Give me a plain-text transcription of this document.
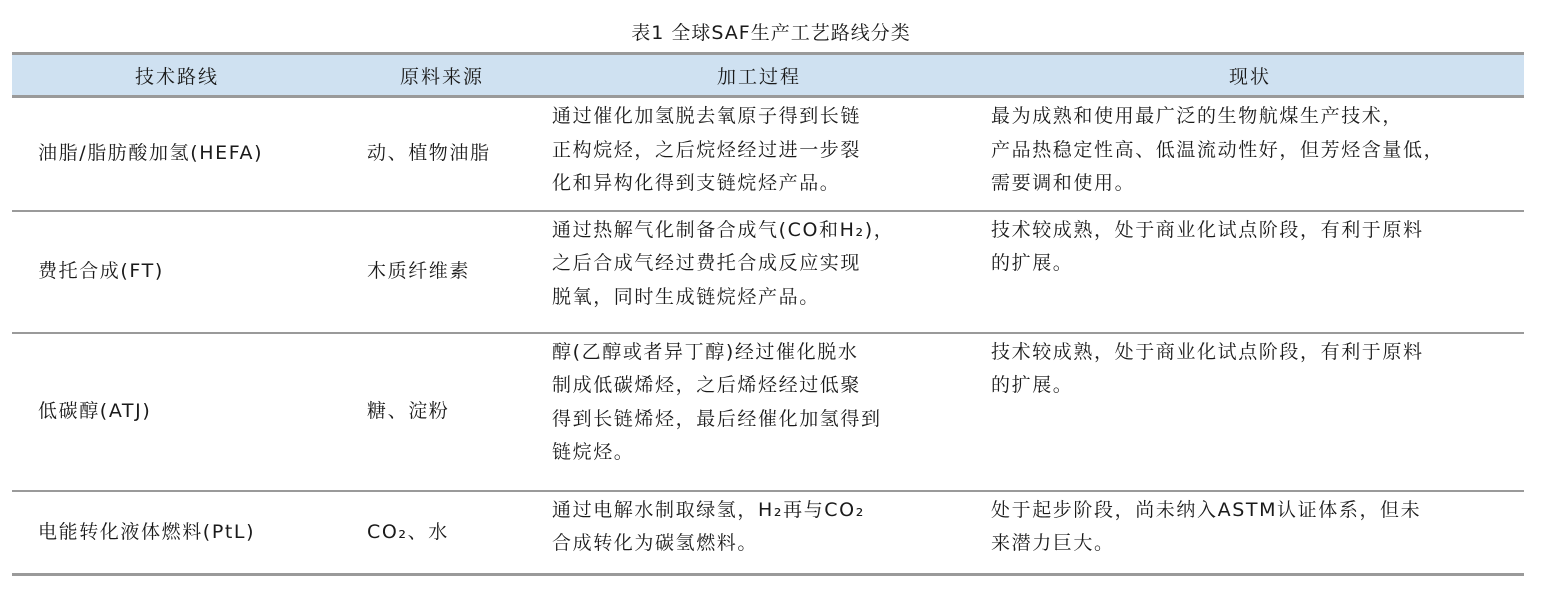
表1 全球SAF生产工艺路线分类
技术路线	原料来源	加工过程	现状
油脂/脂肪酸加氢(HEFA)	动、植物油脂	通过催化加氢脱去氧原子得到长链
正构烷烃，之后烷烃经过进一步裂
化和异构化得到支链烷烃产品。	最为成熟和使用最广泛的生物航煤生产技术，
产品热稳定性高、低温流动性好，但芳烃含量低，
需要调和使用。

费托合成(FT)	木质纤维素	通过热解气化制备合成气(CO和H₂)，
之后合成气经过费托合成反应实现
脱氧，同时生成链烷烃产品。	技术较成熟，处于商业化试点阶段，有利于原料
的扩展。

低碳醇(ATJ)	糖、淀粉	醇(乙醇或者异丁醇)经过催化脱水
制成低碳烯烃，之后烯烃经过低聚
得到长链烯烃，最后经催化加氢得到
链烷烃。	技术较成熟，处于商业化试点阶段，有利于原料
的扩展。

电能转化液体燃料(PtL)	CO₂、水	通过电解水制取绿氢，H₂再与CO₂
合成转化为碳氢燃料。	处于起步阶段，尚未纳入ASTM认证体系，但未
来潜力巨大。
